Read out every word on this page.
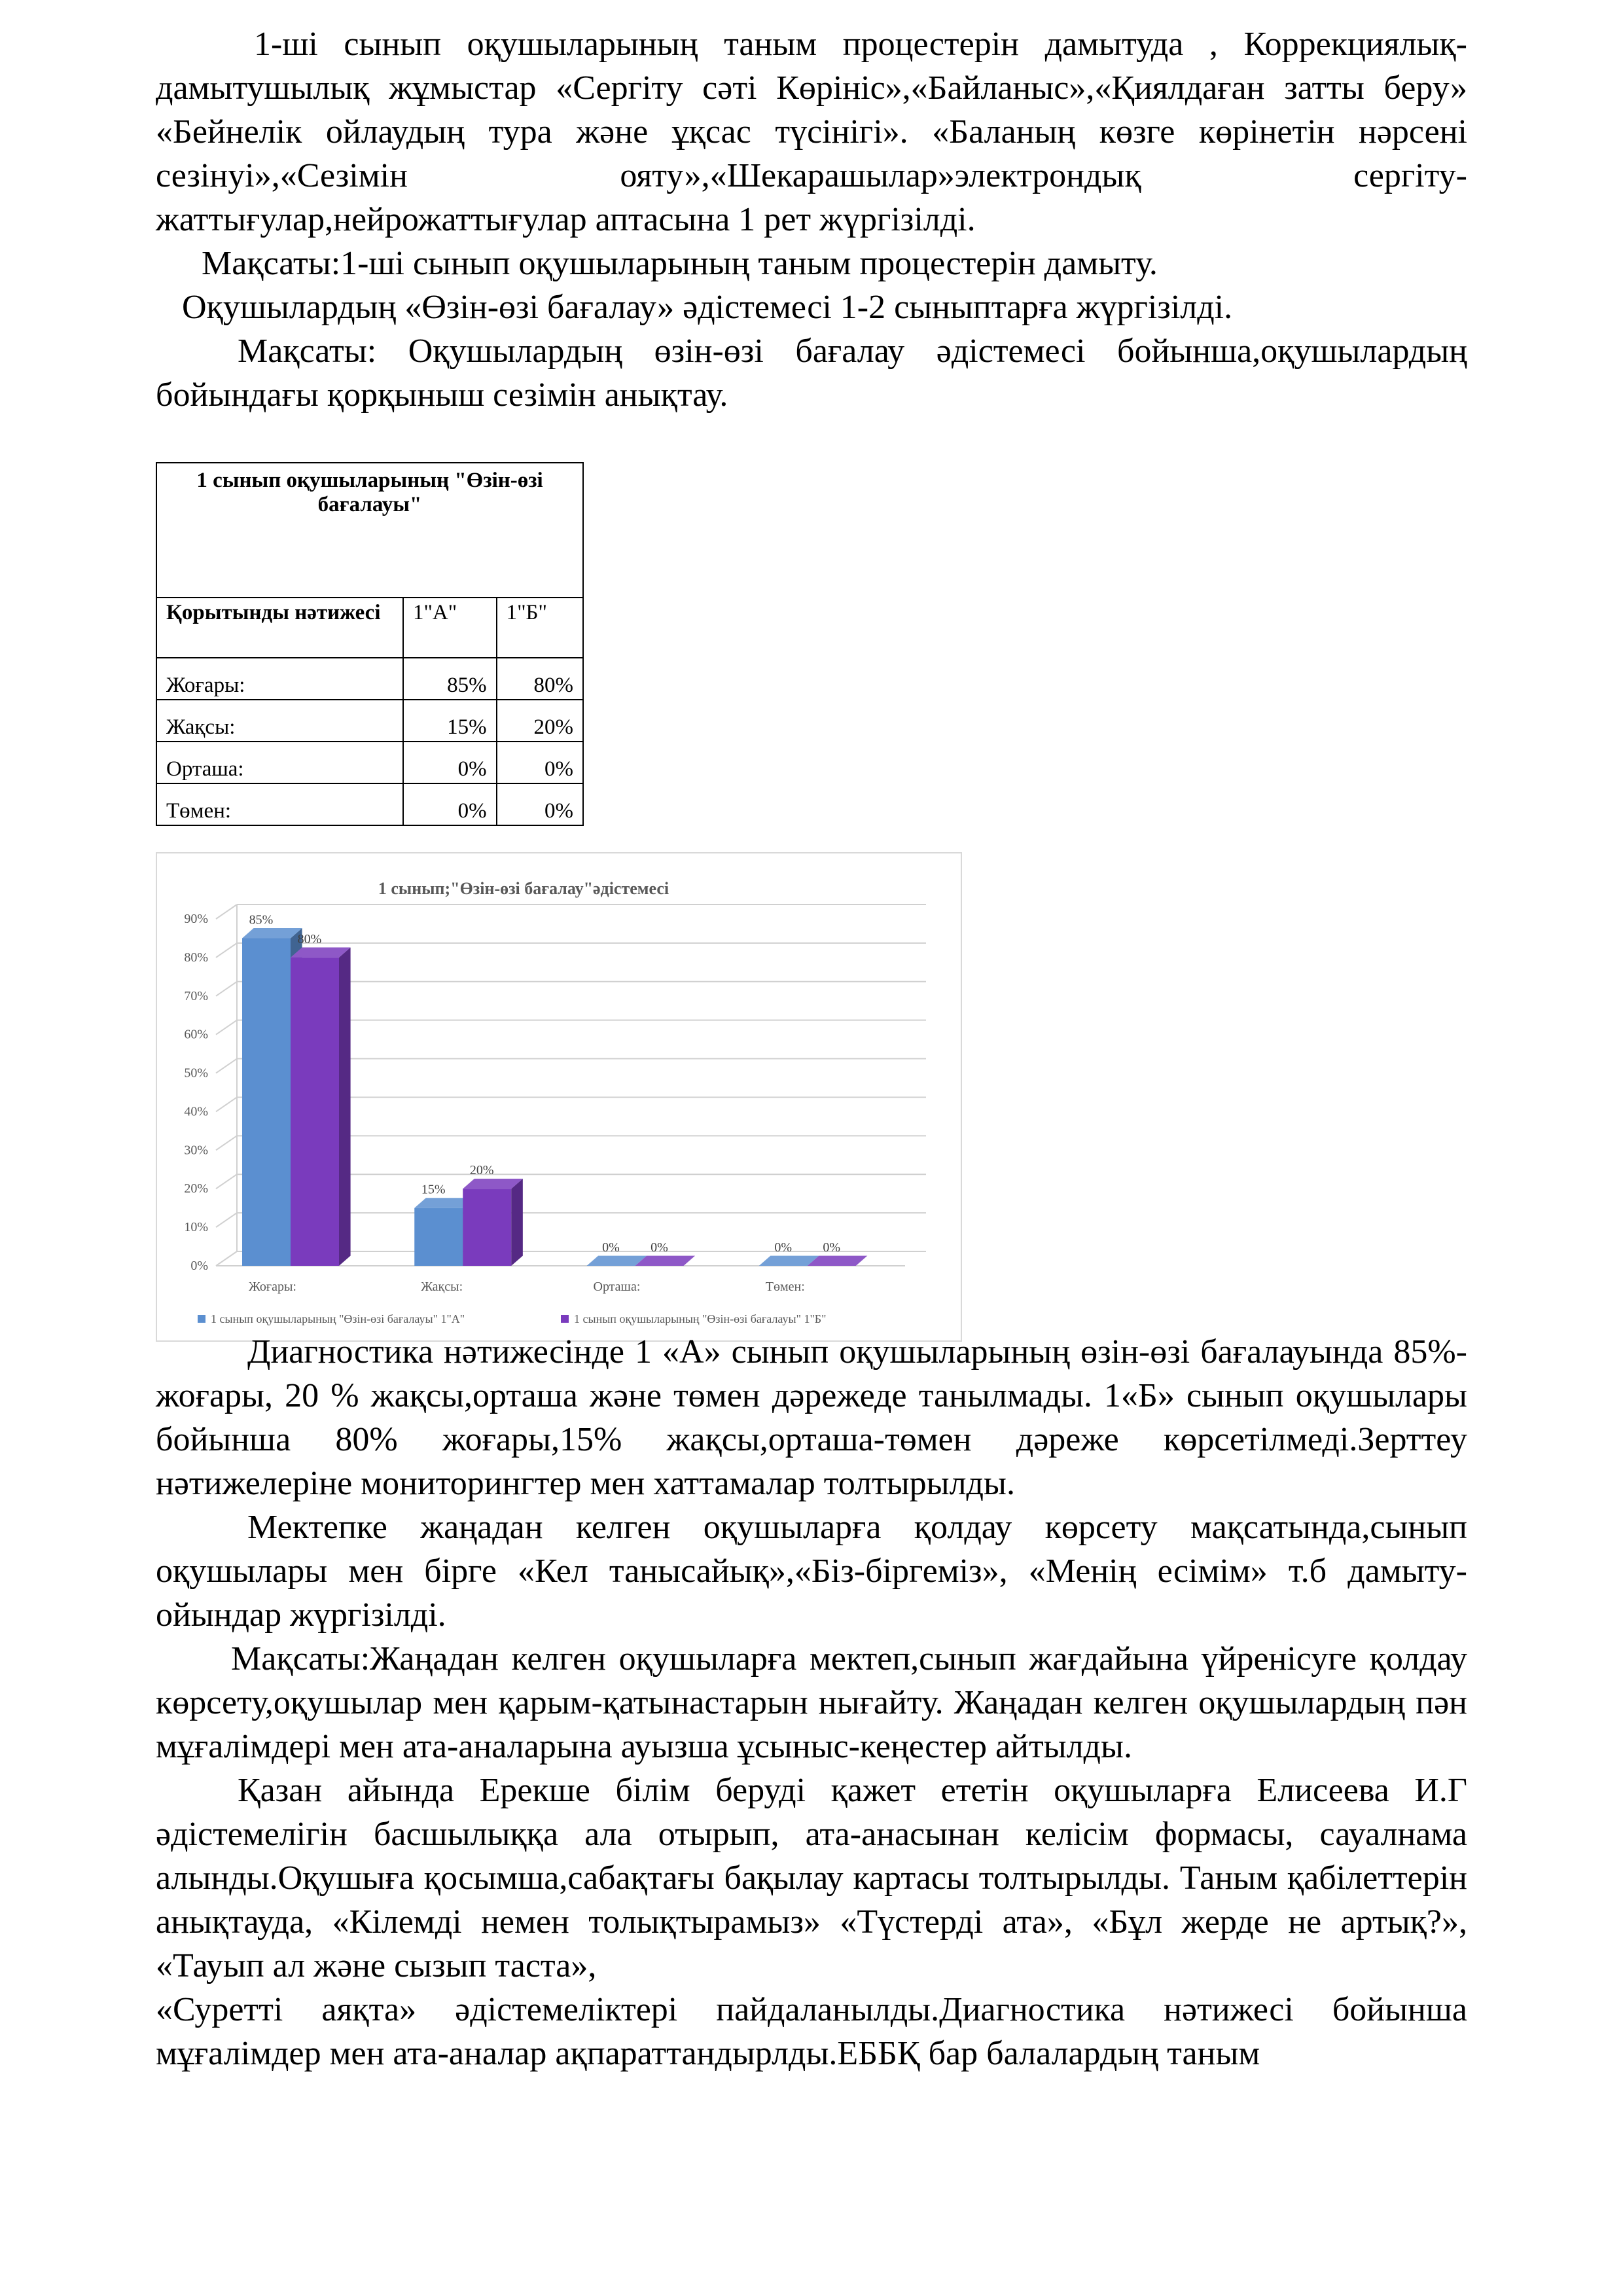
1-ші сынып оқушыларының таным процестерін дамытуда , Коррекциялық-дамытушылық жұмыстар «Сергіту сәті Көрініс»,«Байланыс»,«Қиялдаған затты беру» «Бейнелік ойлаудың тура және ұқсас түсінігі». «Баланың көзге көрінетін нәрсені сезінуі»,«Сезімін ояту»,«Шекарашылар»электрондық сергіту-жаттығулар,нейрожаттығулар аптасына 1 рет жүргізілді.

Мақсаты:1-ші сынып оқушыларының таным процестерін дамыту.

Оқушылардың «Өзін-өзі бағалау» әдістемесі 1-2 сыныптарға жүргізілді.

Мақсаты: Оқушылардың өзін-өзі бағалау әдістемесі бойынша,оқушылардың бойындағы қорқыныш сезімін анықтау.

1 сынып оқушыларының "Өзін-өзі бағалауы"		
Қорытынды нәтижесі	1"А"	1"Б"
Жоғары:	85%	80%
Жақсы:	15%	20%
Орташа:	0%	0%
Төмен:	0%	0%
1 сынып;"Өзін-өзі бағалау"әдістемесі
0%
10%
20%
30%
40%
50%
60%
70%
80%
90%	85%
80%
15%
20%
0% 0%	0% 0%
Жоғары:	Жақсы:	Орташа:	Төмен:
1 сынып оқушыларының "Өзін-өзі бағалауы" 1"А"	1 сынып оқушыларының "Өзін-өзі бағалауы" 1"Б"

Диагностика нәтижесінде 1 «А» сынып оқушыларының өзін-өзі бағалауында 85%- жоғары, 20 % жақсы,орташа және төмен дәрежеде танылмады. 1«Б» сынып оқушылары бойынша 80% жоғары,15% жақсы,орташа-төмен дәреже көрсетілмеді.Зерттеу нәтижелеріне мониторингтер мен хаттамалар толтырылды.

Мектепке жаңадан келген оқушыларға қолдау көрсету мақсатында,сынып оқушылары мен бірге «Кел танысайық»,«Біз-біргеміз», «Менің есімім» т.б дамыту-ойындар жүргізілді.

Мақсаты:Жаңадан келген оқушыларға мектеп,сынып жағдайына үйренісуге қолдау көрсету,оқушылар мен қарым-қатынастарын нығайту. Жаңадан келген оқушылардың пән мұғалімдері мен ата-аналарына ауызша ұсыныс-кеңестер айтылды.

Қазан айында Ерекше білім беруді қажет ететін оқушыларға Елисеева И.Г әдістемелігін басшылыққа ала отырып, ата-анасынан келісім формасы, сауалнама алынды.Оқушыға қосымша,сабақтағы бақылау картасы толтырылды. Таным қабілеттерін анықтауда, «Кілемді немен толықтырамыз» «Түстерді ата», «Бұл жерде не артық?», «Тауып ал және сызып таста»,

«Суретті аяқта» әдістемеліктері пайдаланылды.Диагностика нәтижесі бойынша мұғалімдер мен ата-аналар ақпараттандырлды.ЕББҚ бар балалардың таным
